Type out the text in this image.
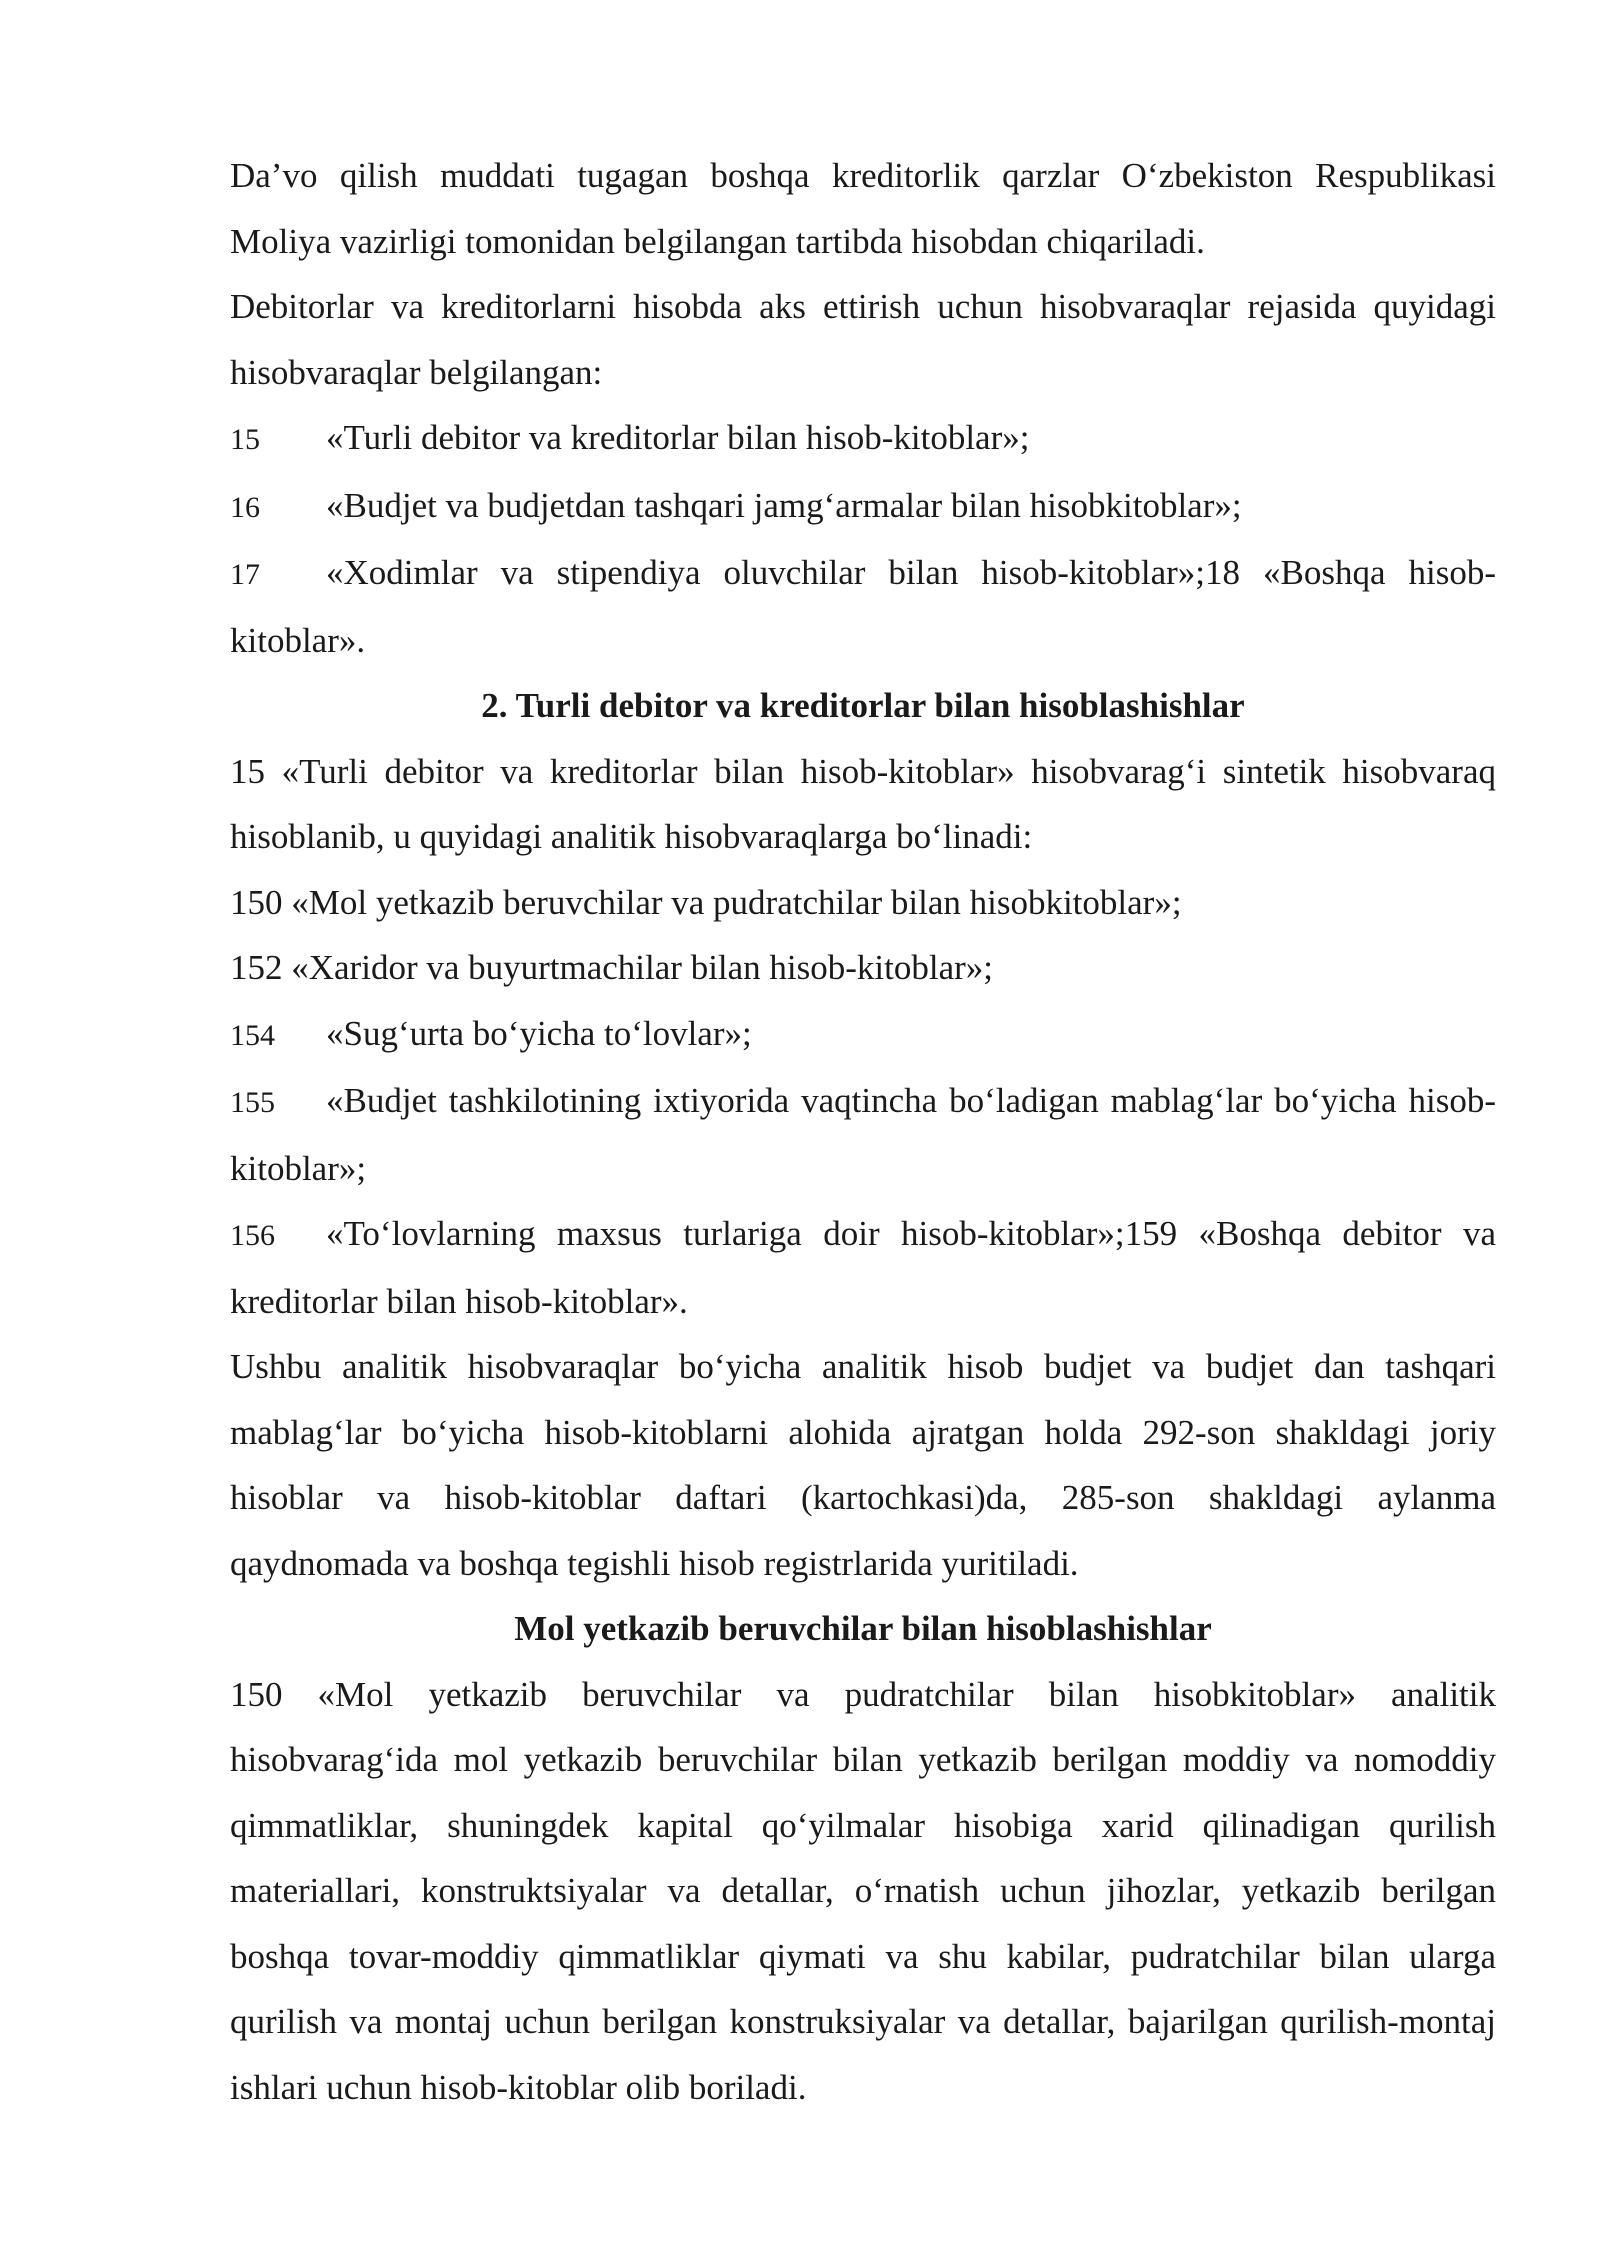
Da’vo qilish muddati tugagan boshqa kreditorlik qarzlar O‘zbekiston Respublikasi Moliya vazirligi tomonidan belgilangan tartibda hisobdan chiqariladi.

Debitorlar va kreditorlarni hisobda aks ettirish uchun hisobvaraqlar rejasida quyidagi hisobvaraqlar belgilangan:

15 «Turli debitor va kreditorlar bilan hisob-kitoblar»;

16 «Budjet va budjetdan tashqari jamg‘armalar bilan hisobkitoblar»;

17 «Xodimlar va stipendiya oluvchilar bilan hisob-kitoblar»;18 «Boshqa hisob-kitoblar».

2. Turli debitor va kreditorlar bilan hisoblashishlar

15 «Turli debitor va kreditorlar bilan hisob-kitoblar» hisobvarag‘i sintetik hisobvaraq hisoblanib, u quyidagi analitik hisobvaraqlarga bo‘linadi:

150 «Mol yetkazib beruvchilar va pudratchilar bilan hisobkitoblar»;

152 «Xaridor va buyurtmachilar bilan hisob-kitoblar»;

154 «Sug‘urta bo‘yicha to‘lovlar»;

155 «Budjet tashkilotining ixtiyorida vaqtincha bo‘ladigan mablag‘lar bo‘yicha hisob-kitoblar»;

156 «To‘lovlarning maxsus turlariga doir hisob-kitoblar»;159 «Boshqa debitor va kreditorlar bilan hisob-kitoblar».

Ushbu analitik hisobvaraqlar bo‘yicha analitik hisob budjet va budjet dan tashqari mablag‘lar bo‘yicha hisob-kitoblarni alohida ajratgan holda 292-son shakldagi joriy hisoblar va hisob-kitoblar daftari (kartochkasi)da, 285-son shakldagi aylanma qaydnomada va boshqa tegishli hisob registrlarida yuritiladi.

Mol yetkazib beruvchilar bilan hisoblashishlar

150 «Mol yetkazib beruvchilar va pudratchilar bilan hisobkitoblar» analitik hisobvarag‘ida mol yetkazib beruvchilar bilan yetkazib berilgan moddiy va nomoddiy qimmatliklar, shuningdek kapital qo‘yilmalar hisobiga xarid qilinadigan qurilish materiallari, konstruktsiyalar va detallar, o‘rnatish uchun jihozlar, yetkazib berilgan boshqa tovar-moddiy qimmatliklar qiymati va shu kabilar, pudratchilar bilan ularga qurilish va montaj uchun berilgan konstruksiyalar va detallar, bajarilgan qurilish-montaj ishlari uchun hisob-kitoblar olib boriladi.
